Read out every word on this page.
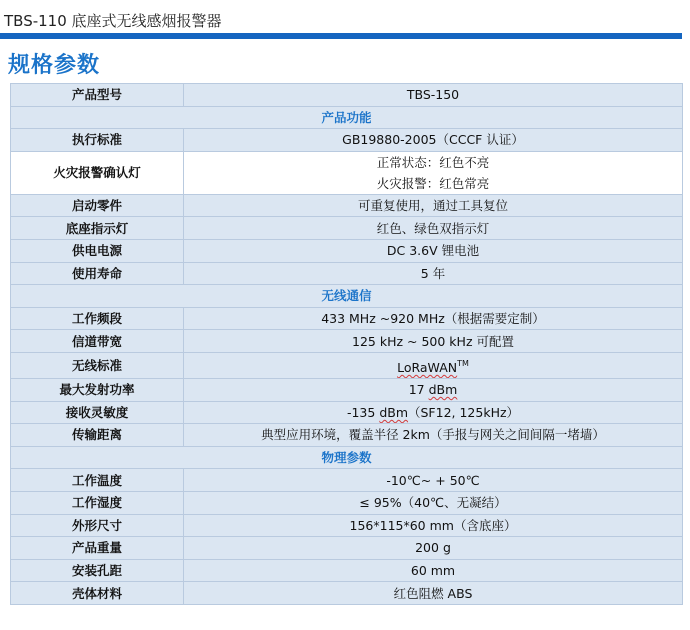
TBS-110 底座式无线感烟报警器
规格参数
产品型号	TBS-150
产品功能	
执行标准	GB19880-2005（CCCF 认证）
火灾报警确认灯	正常状态：红色不亮
火灾报警：红色常亮

启动零件	可重复使用，通过工具复位
底座指示灯	红色、绿色双指示灯
供电电源	DC 3.6V 锂电池
使用寿命	5 年
无线通信	
工作频段	433 MHz ~920 MHz（根据需要定制）
信道带宽	125 kHz ~ 500 kHz 可配置
无线标准	LoRaWAN™
最大发射功率	17 dBm
接收灵敏度	-135 dBm（SF12, 125kHz）
传输距离	典型应用环境，覆盖半径 2km（手报与网关之间间隔一堵墙）
物理参数	
工作温度	-10℃~ + 50℃
工作湿度	≤ 95%（40℃、无凝结）
外形尺寸	156*115*60 mm（含底座）
产品重量	200 g
安装孔距	60 mm
壳体材料	红色阻燃 ABS
